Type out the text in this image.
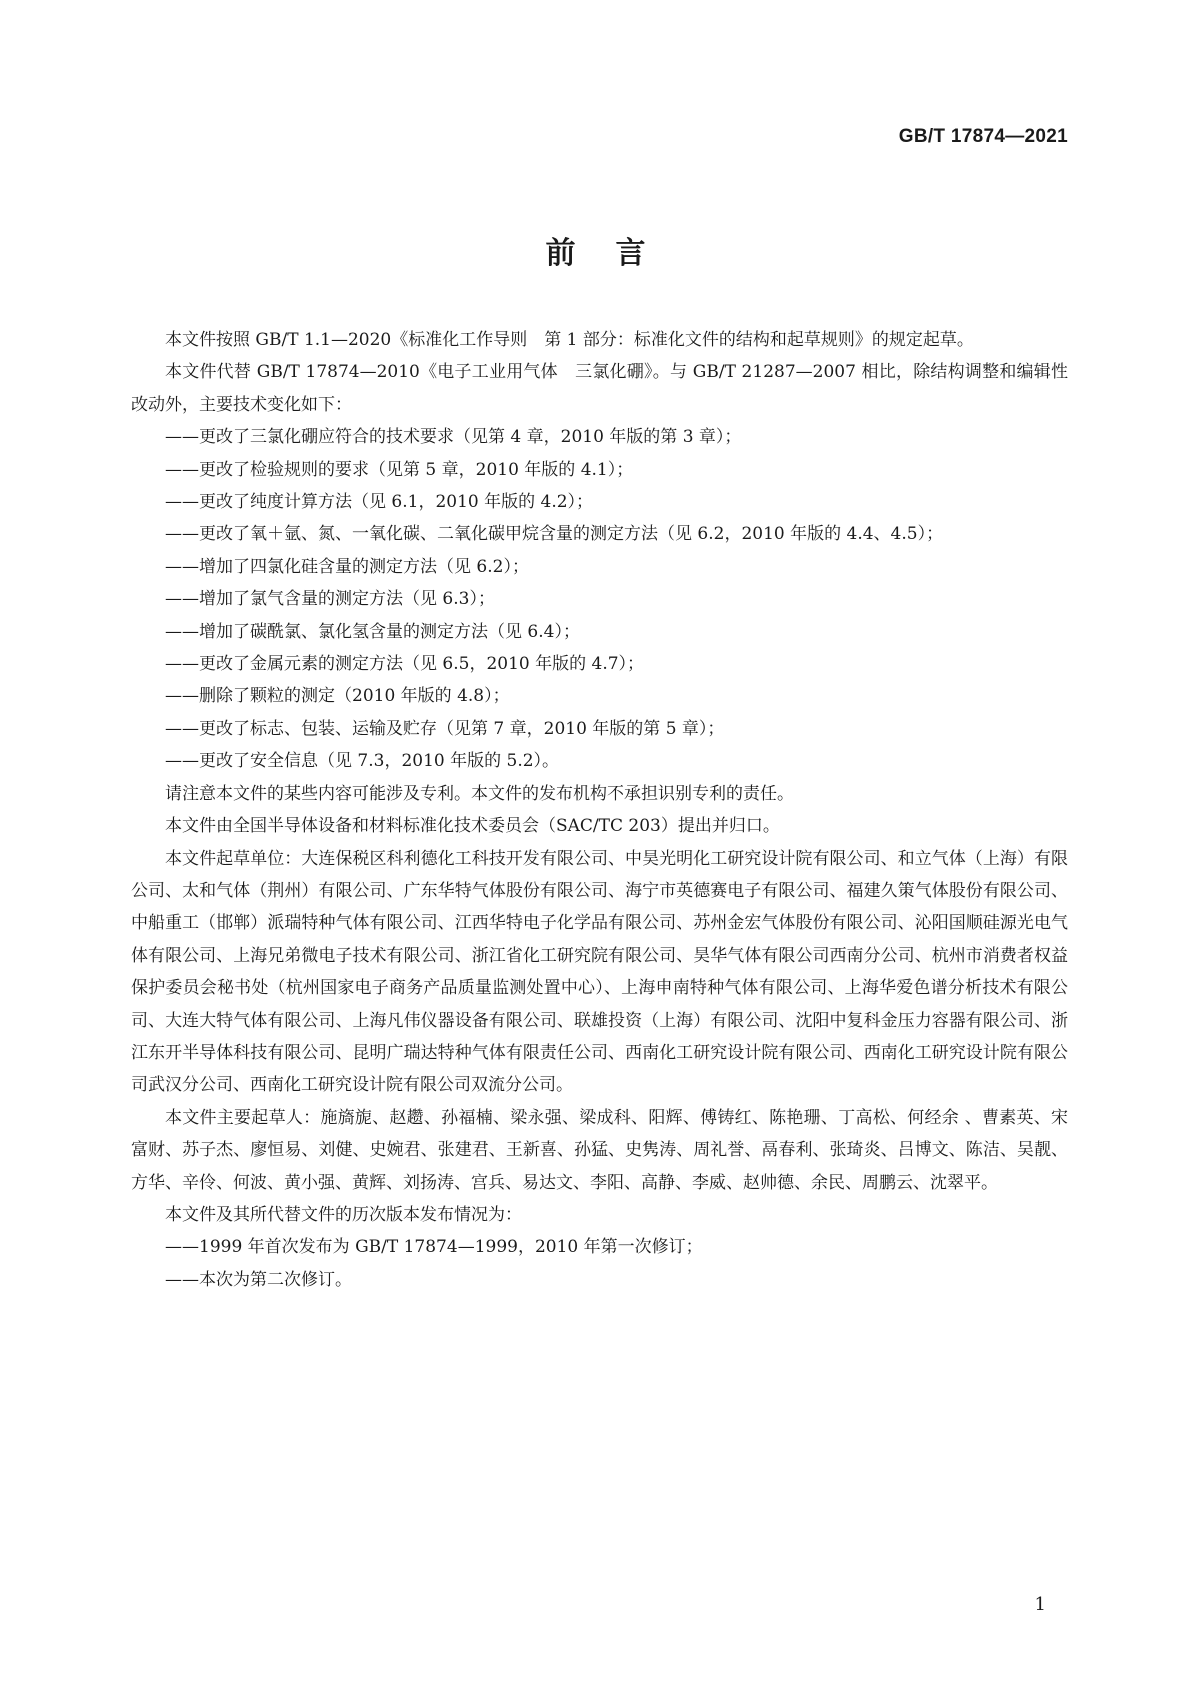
GB/T 17874—2021
前言

本文件按照 GB/T 1.1—2020《标准化工作导则　第 1 部分：标准化文件的结构和起草规则》的规定起草。

本文件代替 GB/T 17874—2010《电子工业用气体　三氯化硼》。与 GB/T 21287—2007 相比，除结构调整和编辑性改动外，主要技术变化如下：

——更改了三氯化硼应符合的技术要求（见第 4 章，2010 年版的第 3 章）；

——更改了检验规则的要求（见第 5 章，2010 年版的 4.1）；

——更改了纯度计算方法（见 6.1，2010 年版的 4.2）；

——更改了氧＋氩、氮、一氧化碳、二氧化碳甲烷含量的测定方法（见 6.2，2010 年版的 4.4、4.5）；

——增加了四氯化硅含量的测定方法（见 6.2）；

——增加了氯气含量的测定方法（见 6.3）；

——增加了碳酰氯、氯化氢含量的测定方法（见 6.4）；

——更改了金属元素的测定方法（见 6.5，2010 年版的 4.7）；

——删除了颗粒的测定（2010 年版的 4.8）；

——更改了标志、包装、运输及贮存（见第 7 章，2010 年版的第 5 章）；

——更改了安全信息（见 7.3，2010 年版的 5.2）。

请注意本文件的某些内容可能涉及专利。本文件的发布机构不承担识别专利的责任。

本文件由全国半导体设备和材料标准化技术委员会（SAC/TC 203）提出并归口。

本文件起草单位：大连保税区科利德化工科技开发有限公司、中昊光明化工研究设计院有限公司、和立气体（上海）有限公司、太和气体（荆州）有限公司、广东华特气体股份有限公司、海宁市英德赛电子有限公司、福建久策气体股份有限公司、中船重工（邯郸）派瑞特种气体有限公司、江西华特电子化学品有限公司、苏州金宏气体股份有限公司、沁阳国顺硅源光电气体有限公司、上海兄弟微电子技术有限公司、浙江省化工研究院有限公司、昊华气体有限公司西南分公司、杭州市消费者权益保护委员会秘书处（杭州国家电子商务产品质量监测处置中心）、上海申南特种气体有限公司、上海华爱色谱分析技术有限公司、大连大特气体有限公司、上海凡伟仪器设备有限公司、联雄投资（上海）有限公司、沈阳中复科金压力容器有限公司、浙江东开半导体科技有限公司、昆明广瑞达特种气体有限责任公司、西南化工研究设计院有限公司、西南化工研究设计院有限公司武汉分公司、西南化工研究设计院有限公司双流分公司。

本文件主要起草人：施旖旎、赵趱、孙福楠、梁永强、梁成科、阳辉、傅铸红、陈艳珊、丁高松、何经余 、曹素英、宋富财、苏子杰、廖恒易、刘健、史婉君、张建君、王新喜、孙猛、史隽涛、周礼誉、鬲春利、张琦炎、吕博文、陈洁、吴靓、方华、辛伶、何波、黄小强、黄辉、刘扬涛、宫兵、易达文、李阳、高静、李威、赵帅德、余民、周鹏云、沈翠平。

本文件及其所代替文件的历次版本发布情况为：

——1999 年首次发布为 GB/T 17874—1999，2010 年第一次修订；

——本次为第二次修订。

1
